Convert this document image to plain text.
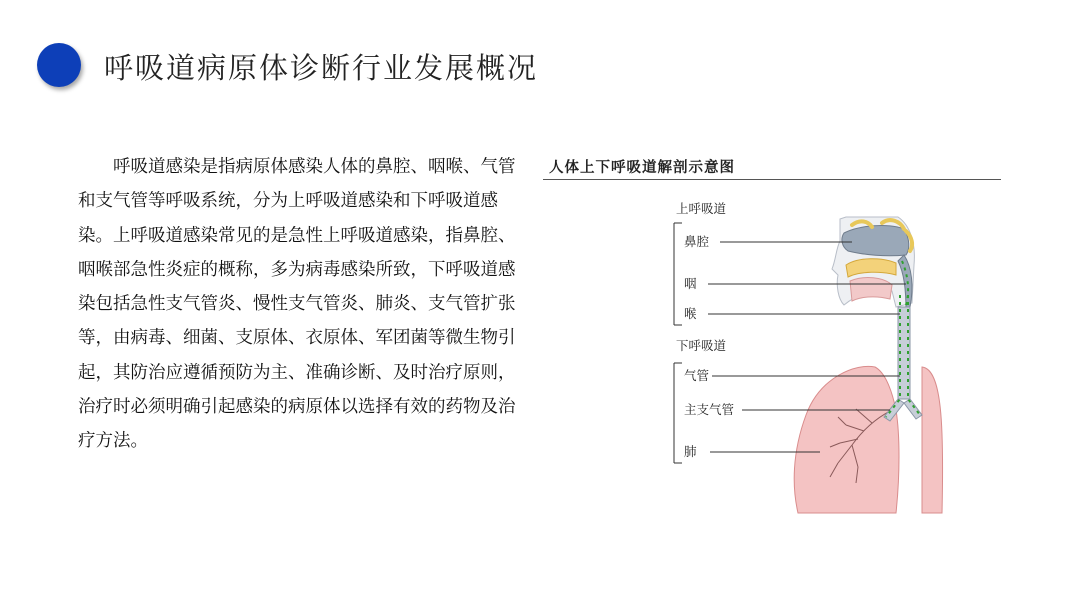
呼吸道病原体诊断行业发展概况

呼吸道感染是指病原体感染人体的鼻腔、咽喉、气管和支气管等呼吸系统，分为上呼吸道感染和下呼吸道感染。上呼吸道感染常见的是急性上呼吸道感染，指鼻腔、咽喉部急性炎症的概称，多为病毒感染所致，下呼吸道感染包括急性支气管炎、慢性支气管炎、肺炎、支气管扩张等，由病毒、细菌、支原体、衣原体、军团菌等微生物引起，其防治应遵循预防为主、准确诊断、及时治疗原则，治疗时必须明确引起感染的病原体以选择有效的药物及治疗方法。

人体上下呼吸道解剖示意图
上呼吸道
下呼吸道
鼻腔
咽
喉
气管
主支气管
肺
